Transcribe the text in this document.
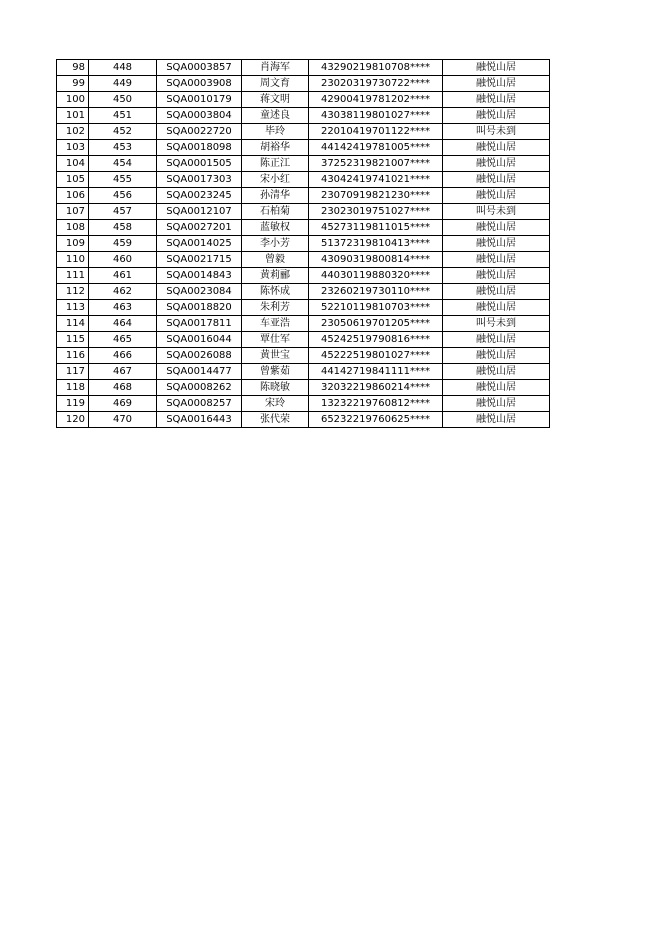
98	448	SQA0003857	肖海军	43290219810708****	融悦山居
99	449	SQA0003908	周文育	23020319730722****	融悦山居
100	450	SQA0010179	蒋文明	42900419781202****	融悦山居
101	451	SQA0003804	童述良	43038119801027****	融悦山居
102	452	SQA0022720	毕玲	22010419701122****	叫号未到
103	453	SQA0018098	胡裕华	44142419781005****	融悦山居
104	454	SQA0001505	陈正江	37252319821007****	融悦山居
105	455	SQA0017303	宋小红	43042419741021****	融悦山居
106	456	SQA0023245	孙清华	23070919821230****	融悦山居
107	457	SQA0012107	石柏菊	23023019751027****	叫号未到
108	458	SQA0027201	蓝敏权	45273119811015****	融悦山居
109	459	SQA0014025	李小芳	51372319810413****	融悦山居
110	460	SQA0021715	曾毅	43090319800814****	融悦山居
111	461	SQA0014843	黄莉郦	44030119880320****	融悦山居
112	462	SQA0023084	陈怀成	23260219730110****	融悦山居
113	463	SQA0018820	朱利芳	52210119810703****	融悦山居
114	464	SQA0017811	车亚浩	23050619701205****	叫号未到
115	465	SQA0016044	覃仕军	45242519790816****	融悦山居
116	466	SQA0026088	黄世宝	45222519801027****	融悦山居
117	467	SQA0014477	曾紫茹	44142719841111****	融悦山居
118	468	SQA0008262	陈晓敏	32032219860214****	融悦山居
119	469	SQA0008257	宋玲	13232219760812****	融悦山居
120	470	SQA0016443	张代荣	65232219760625****	融悦山居
